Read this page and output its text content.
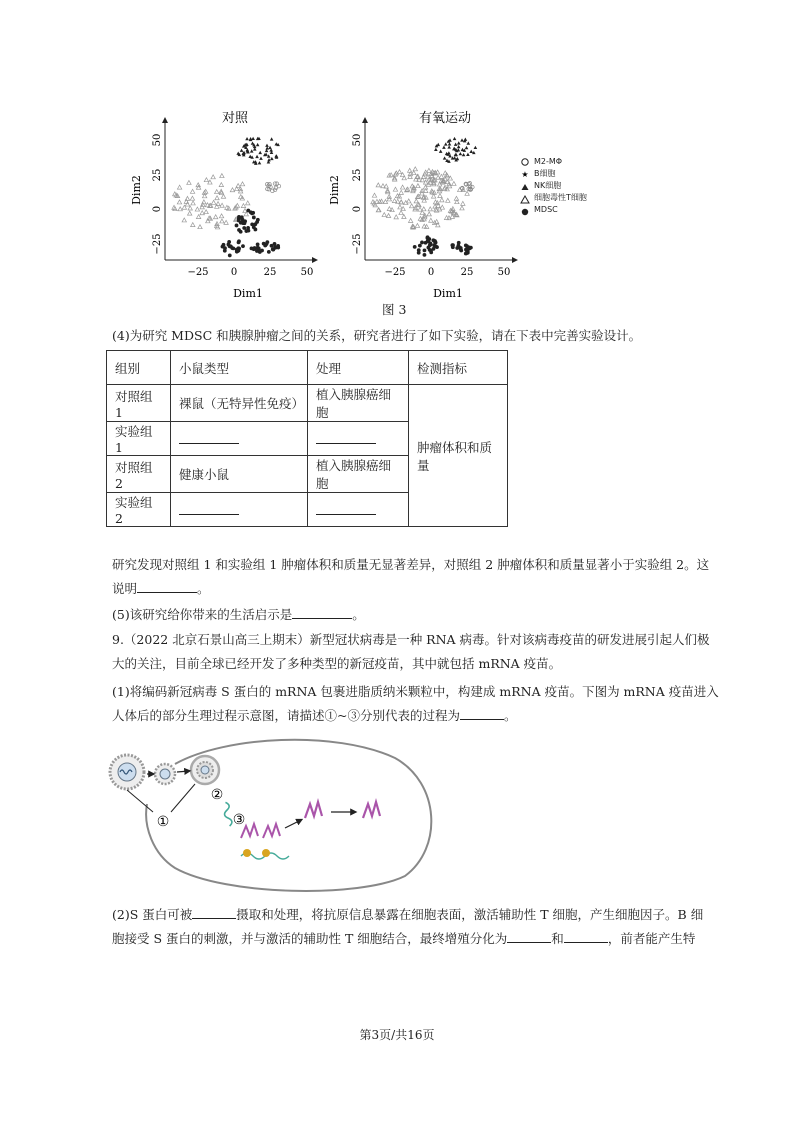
对照
Dim2
50
25
0
−25
−25 0	25 50
Dim1
有氧运动
Dim2
50
25
0
−25
−25 0	25 50
Dim1
★
M2-MΦ
B细胞
NK细胞
细胞毒性T细胞
MDSC
图 3
(4)为研究 MDSC 和胰腺肿瘤之间的关系，研究者进行了如下实验，请在下表中完善实验设计。
组别	小鼠类型	处理	检测指标
对照组 1	裸鼠（无特异性免疫）	植入胰腺癌细胞	肿瘤体积和质量
实验组 1			
对照组 2	健康小鼠	植入胰腺癌细胞	
实验组 2			
研究发现对照组 1 和实验组 1 肿瘤体积和质量无显著差异，对照组 2 肿瘤体积和质量显著小于实验组 2。这
说明	。
(5)该研究给你带来的生活启示是	。
9.（2022 北京石景山高三上期末）新型冠状病毒是一种 RNA 病毒。针对该病毒疫苗的研发进展引起人们极
大的关注，目前全球已经开发了多种类型的新冠疫苗，其中就包括 mRNA 疫苗。
(1)将编码新冠病毒 S 蛋白的 mRNA 包裹进脂质纳米颗粒中，构建成 mRNA 疫苗。下图为 mRNA 疫苗进入
人体后的部分生理过程示意图，请描述①~③分别代表的过程为	。
①
②
③
(2)S 蛋白可被	摄取和处理，将抗原信息暴露在细胞表面，激活辅助性 T 细胞，产生细胞因子。B 细
胞接受 S 蛋白的刺激，并与激活的辅助性 T 细胞结合，最终增殖分化为	和	，前者能产生特
第3页/共16页
